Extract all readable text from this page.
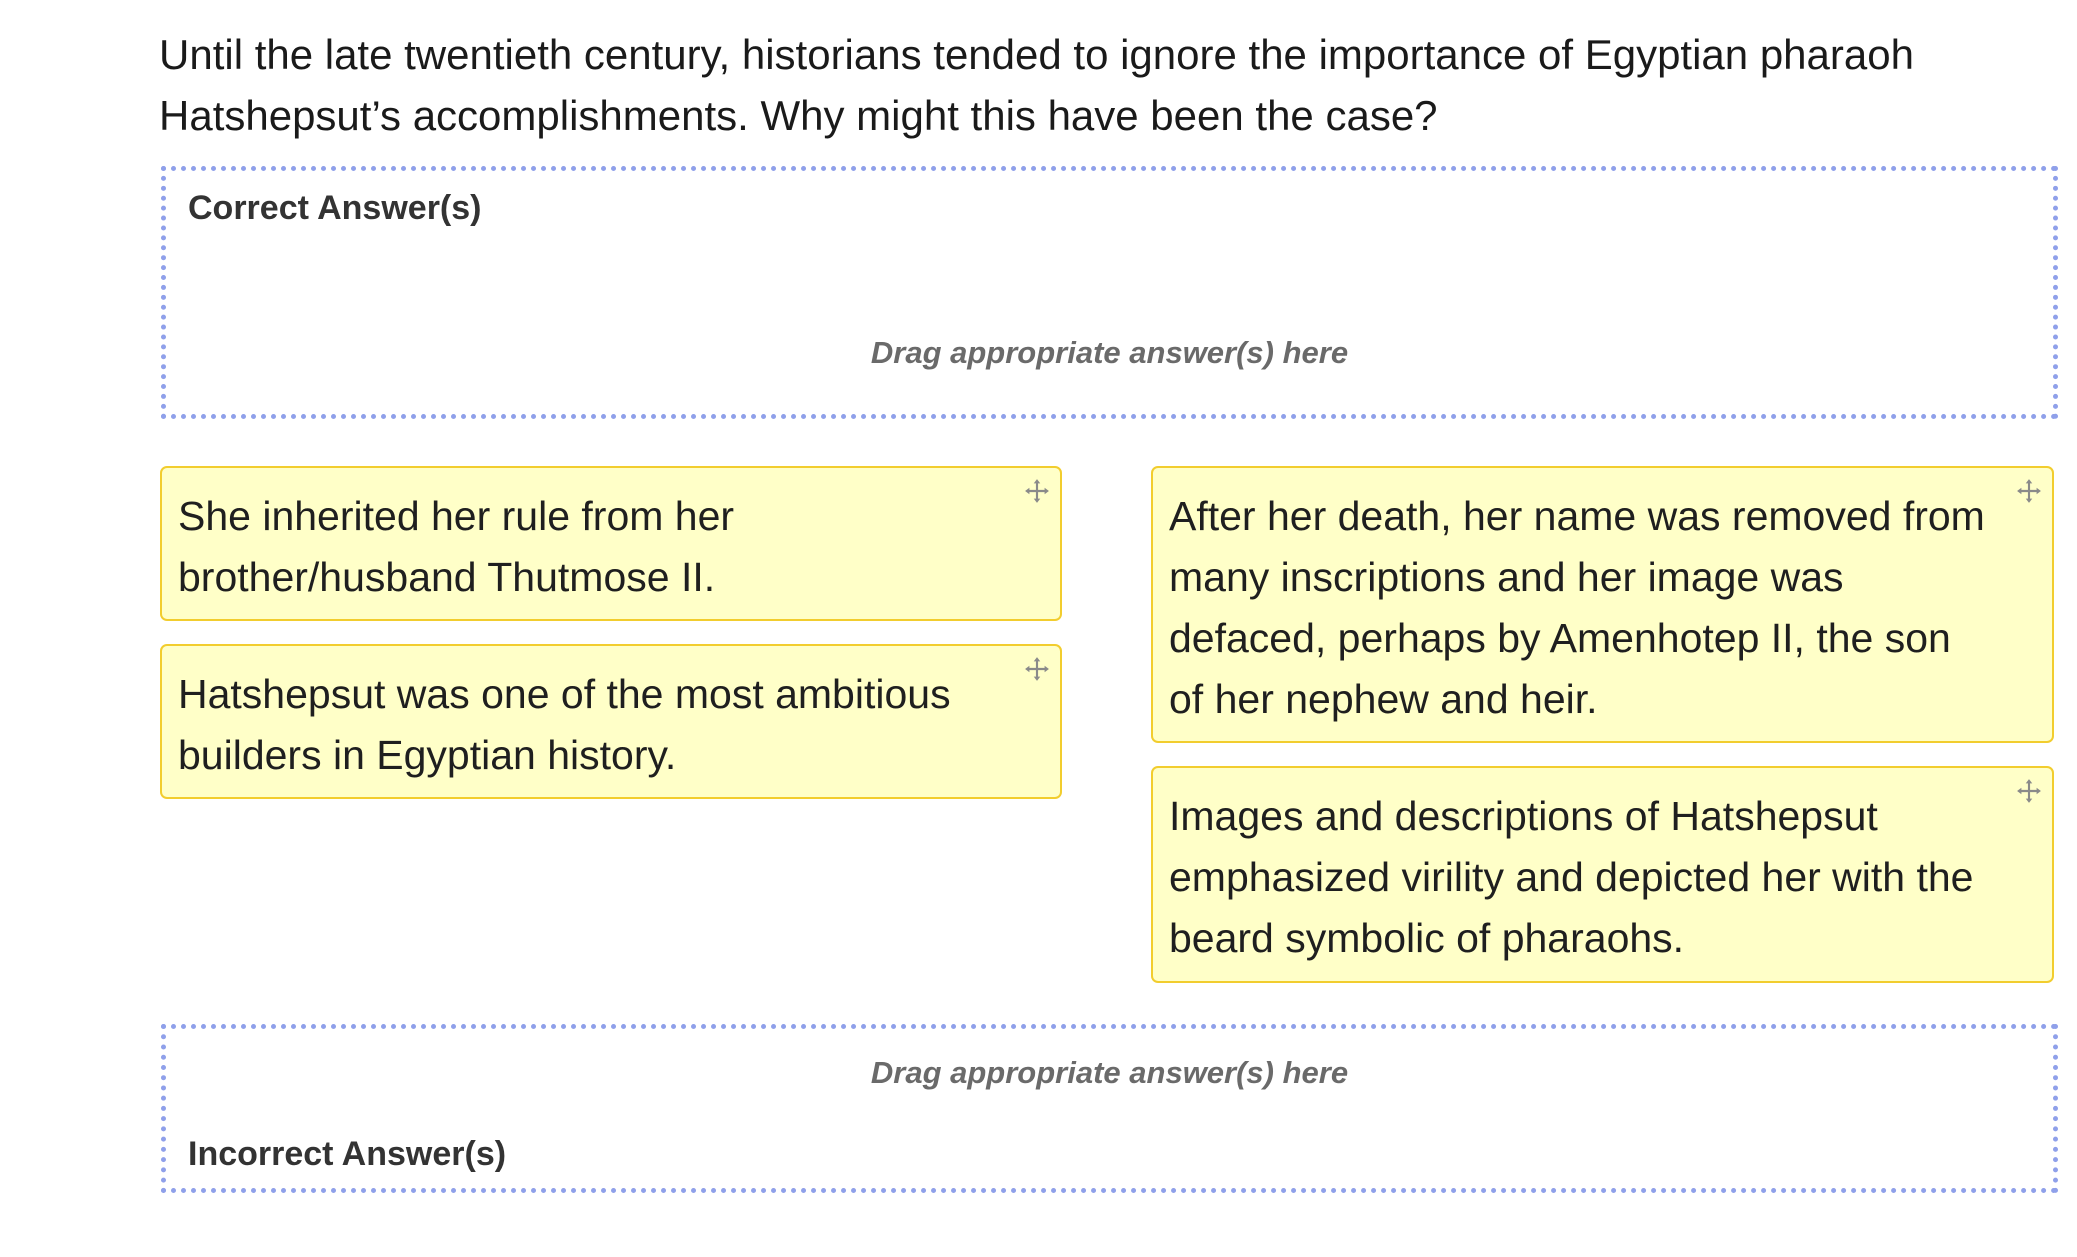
Until the late twentieth century, historians tended to ignore the importance of Egyptian pharaoh Hatshepsut’s accomplishments. Why might this have been the case?

Correct Answer(s)
Drag appropriate answer(s) here
She inherited her rule from her brother/husband Thutmose II.
Hatshepsut was one of the most ambitious builders in Egyptian history.
After her death, her name was removed from many inscriptions and her image was defaced, perhaps by Amenhotep II, the son of her nephew and heir.
Images and descriptions of Hatshepsut emphasized virility and depicted her with the beard symbolic of pharaohs.
Drag appropriate answer(s) here
Incorrect Answer(s)
